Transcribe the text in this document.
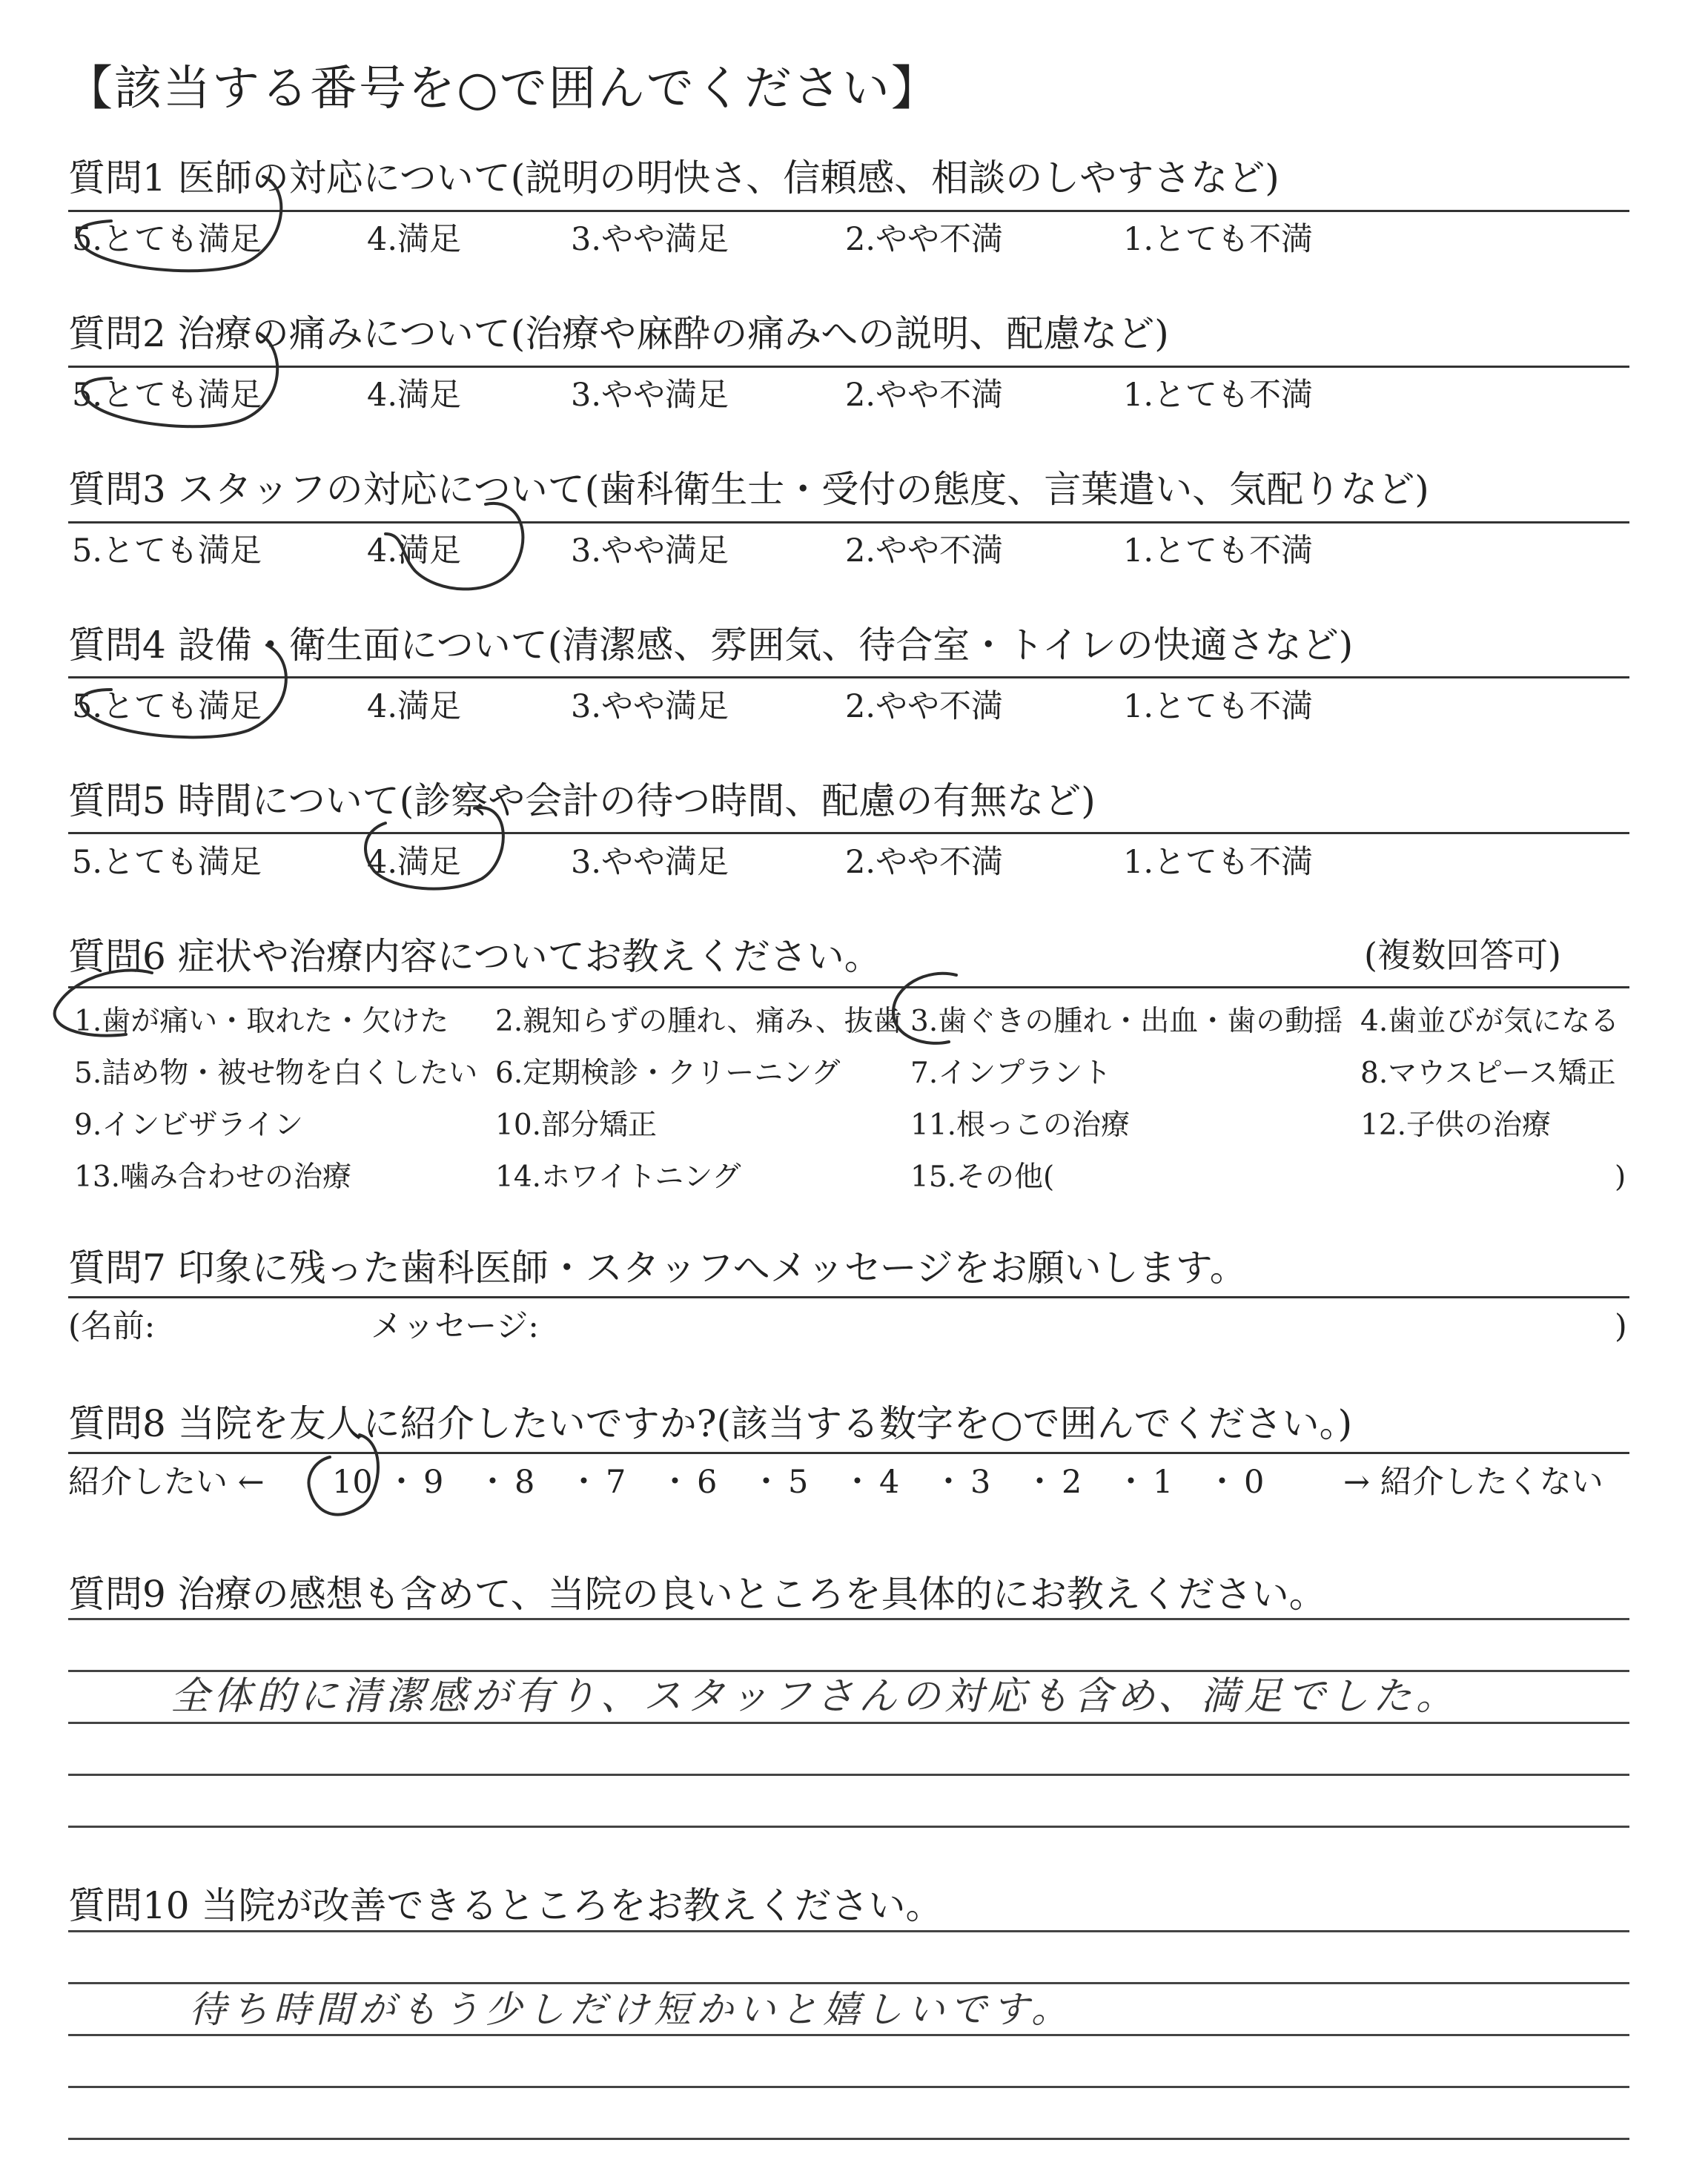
【該当する番号を○で囲んでください】
質問1 医師の対応について(説明の明快さ、信頼感、相談のしやすさなど)
5.とても満足	4.満足	3.やや満足	2.やや不満	1.とても不満
質問2 治療の痛みについて(治療や麻酔の痛みへの説明、配慮など)
5.とても満足	4.満足	3.やや満足	2.やや不満	1.とても不満
質問3 スタッフの対応について(歯科衛生士・受付の態度、言葉遣い、気配りなど)
5.とても満足	4.満足	3.やや満足	2.やや不満	1.とても不満
質問4 設備・衛生面について(清潔感、雰囲気、待合室・トイレの快適さなど)
5.とても満足	4.満足	3.やや満足	2.やや不満	1.とても不満
質問5 時間について(診察や会計の待つ時間、配慮の有無など)
5.とても満足	4.満足	3.やや満足	2.やや不満	1.とても不満
質問6 症状や治療内容についてお教えください。	(複数回答可)
1.歯が痛い・取れた・欠けた 2.親知らずの腫れ、痛み、抜歯 3.歯ぐきの腫れ・出血・歯の動揺 4.歯並びが気になる
5.詰め物・被せ物を白くしたい 6.定期検診・クリーニング 7.インプラント	8.マウスピース矯正
9.インビザライン	10.部分矯正	11.根っこの治療	12.子供の治療
13.噛み合わせの治療	14.ホワイトニング	15.その他(	)
質問7 印象に残った歯科医師・スタッフへメッセージをお願いします。
(名前:	メッセージ:	)
質問8 当院を友人に紹介したいですか?(該当する数字を○で囲んでください。)
紹介したい ← 10 ・ 9 ・ 8 ・ 7 ・ 6 ・ 5 ・ 4 ・ 3 ・ 2 ・ 1 ・ 0 → 紹介したくない
質問9 治療の感想も含めて、当院の良いところを具体的にお教えください。
全体的に清潔感が有り、スタッフさんの対応も含め、満足でした。
質問10 当院が改善できるところをお教えください。
待ち時間がもう少しだけ短かいと嬉しいです。
